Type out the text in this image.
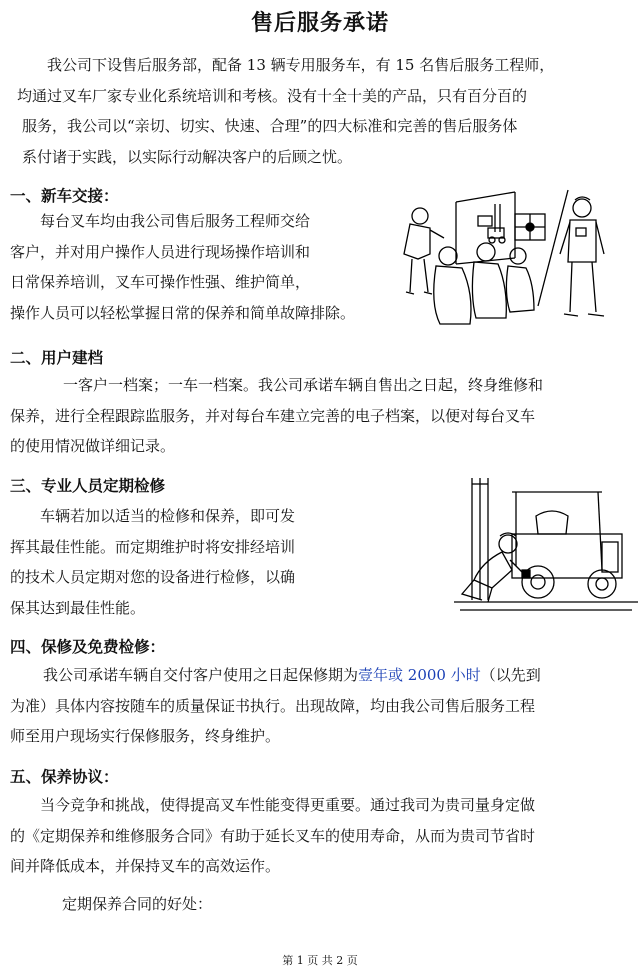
售后服务承诺
我公司下设售后服务部，配备 13 辆专用服务车，有 15 名售后服务工程师，
均通过叉车厂家专业化系统培训和考核。没有十全十美的产品，只有百分百的
服务，我公司以“亲切、切实、快速、合理”的四大标准和完善的售后服务体
系付诸于实践，以实际行动解决客户的后顾之忧。
一、新车交接：
每台叉车均由我公司售后服务工程师交给
客户，并对用户操作人员进行现场操作培训和
日常保养培训，叉车可操作性强、维护简单，
操作人员可以轻松掌握日常的保养和简单故障排除。
二、用户建档
一客户一档案；一车一档案。我公司承诺车辆自售出之日起，终身维修和
保养，进行全程跟踪监服务，并对每台车建立完善的电子档案，以便对每台叉车
的使用情况做详细记录。
三、专业人员定期检修
车辆若加以适当的检修和保养，即可发
挥其最佳性能。而定期维护时将安排经培训
的技术人员定期对您的设备进行检修，以确
保其达到最佳性能。
四、保修及免费检修：
我公司承诺车辆自交付客户使用之日起保修期为壹年或 2000 小时（以先到
为准）具体内容按随车的质量保证书执行。出现故障，均由我公司售后服务工程
师至用户现场实行保修服务，终身维护。
五、保养协议：
当今竞争和挑战，使得提高叉车性能变得更重要。通过我司为贵司量身定做
的《定期保养和维修服务合同》有助于延长叉车的使用寿命，从而为贵司节省时
间并降低成本，并保持叉车的高效运作。
定期保养合同的好处：
第 1 页 共 2 页
